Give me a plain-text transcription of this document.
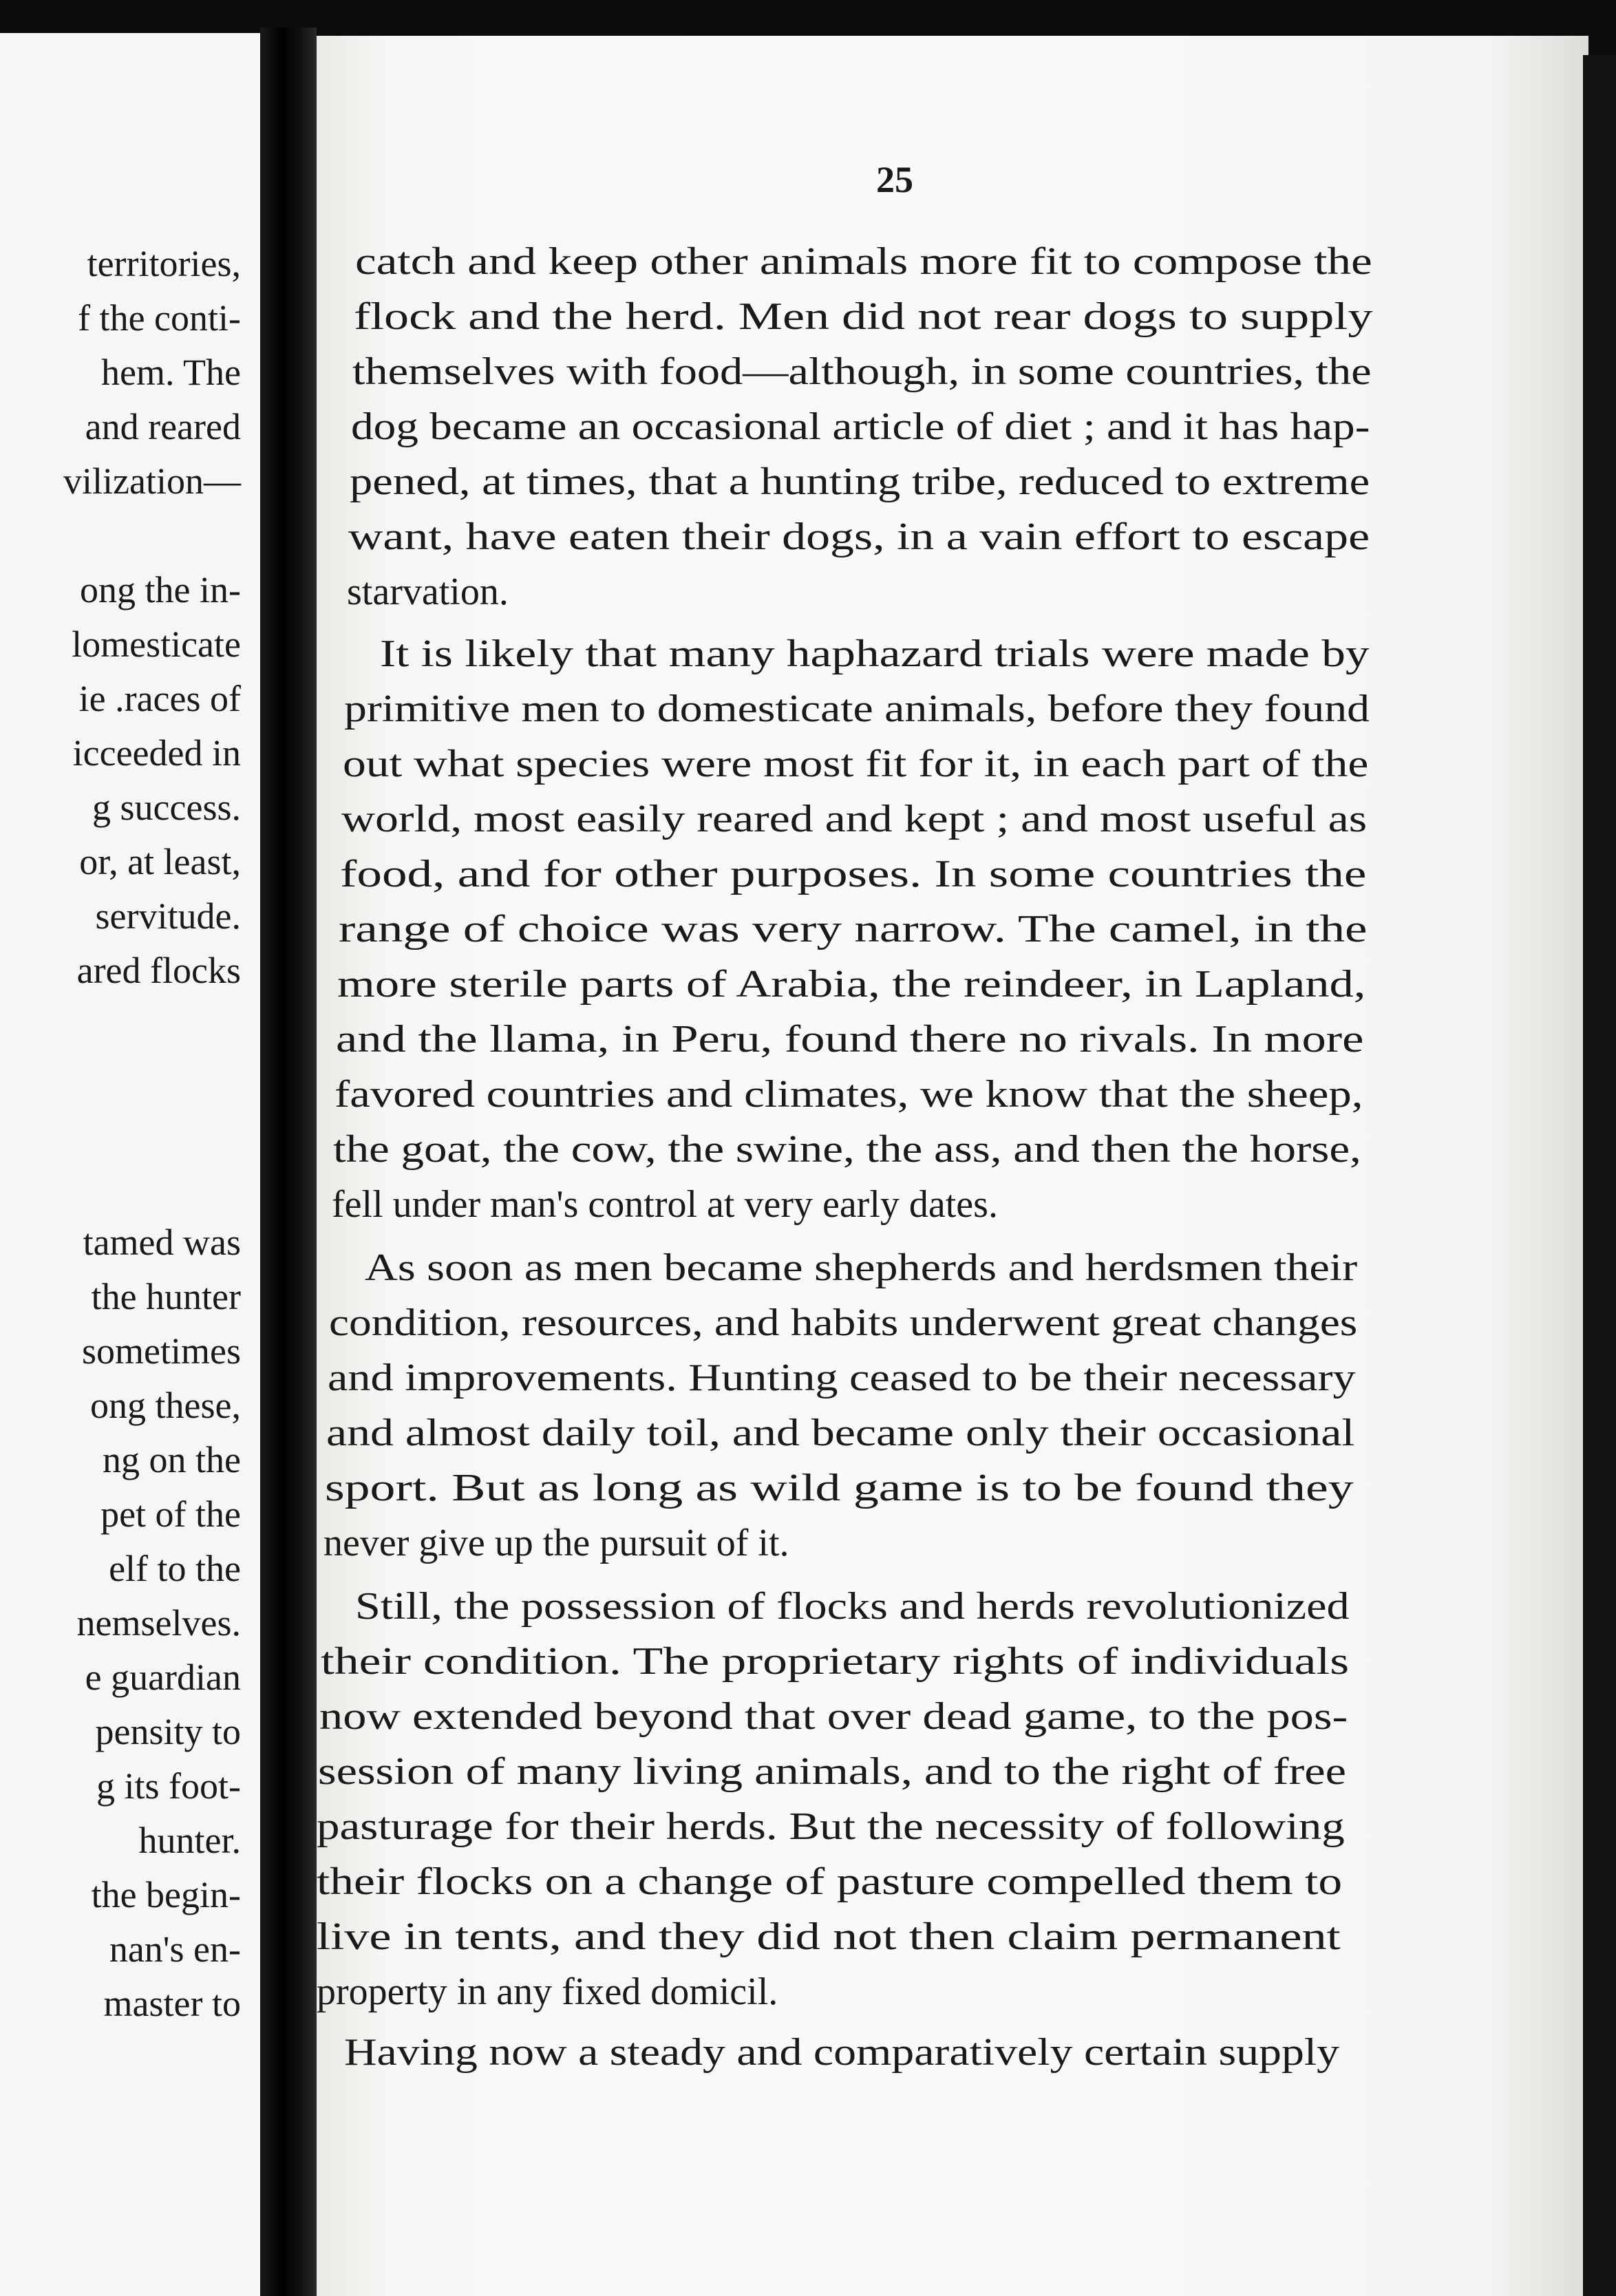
territories,
f the conti-
hem. The
and reared
vilization—
ong the in-
lomesticate
ie .races of
icceeded in
g success.
or, at least,
servitude.
ared flocks
tamed was
the hunter
sometimes
ong these,
ng on the
pet of the
elf to the
nemselves.
e guardian
pensity to
g its foot-
hunter.
the begin-
nan's en-
master to
25
catch and keep other animals more fit to compose the
flock and the herd. Men did not rear dogs to supply
themselves with food—although, in some countries, the
dog became an occasional article of diet ; and it has hap-
pened, at times, that a hunting tribe, reduced to extreme
want, have eaten their dogs, in a vain effort to escape
starvation.
It is likely that many haphazard trials were made by
primitive men to domesticate animals, before they found
out what species were most fit for it, in each part of the
world, most easily reared and kept ; and most useful as
food, and for other purposes. In some countries the
range of choice was very narrow. The camel, in the
more sterile parts of Arabia, the reindeer, in Lapland,
and the llama, in Peru, found there no rivals. In more
favored countries and climates, we know that the sheep,
the goat, the cow, the swine, the ass, and then the horse,
fell under man's control at very early dates.
As soon as men became shepherds and herdsmen their
condition, resources, and habits underwent great changes
and improvements. Hunting ceased to be their necessary
and almost daily toil, and became only their occasional
sport. But as long as wild game is to be found they
never give up the pursuit of it.
Still, the possession of flocks and herds revolutionized
their condition. The proprietary rights of individuals
now extended beyond that over dead game, to the pos-
session of many living animals, and to the right of free
pasturage for their herds. But the necessity of following
their flocks on a change of pasture compelled them to
live in tents, and they did not then claim permanent
property in any fixed domicil.
Having now a steady and comparatively certain supply
